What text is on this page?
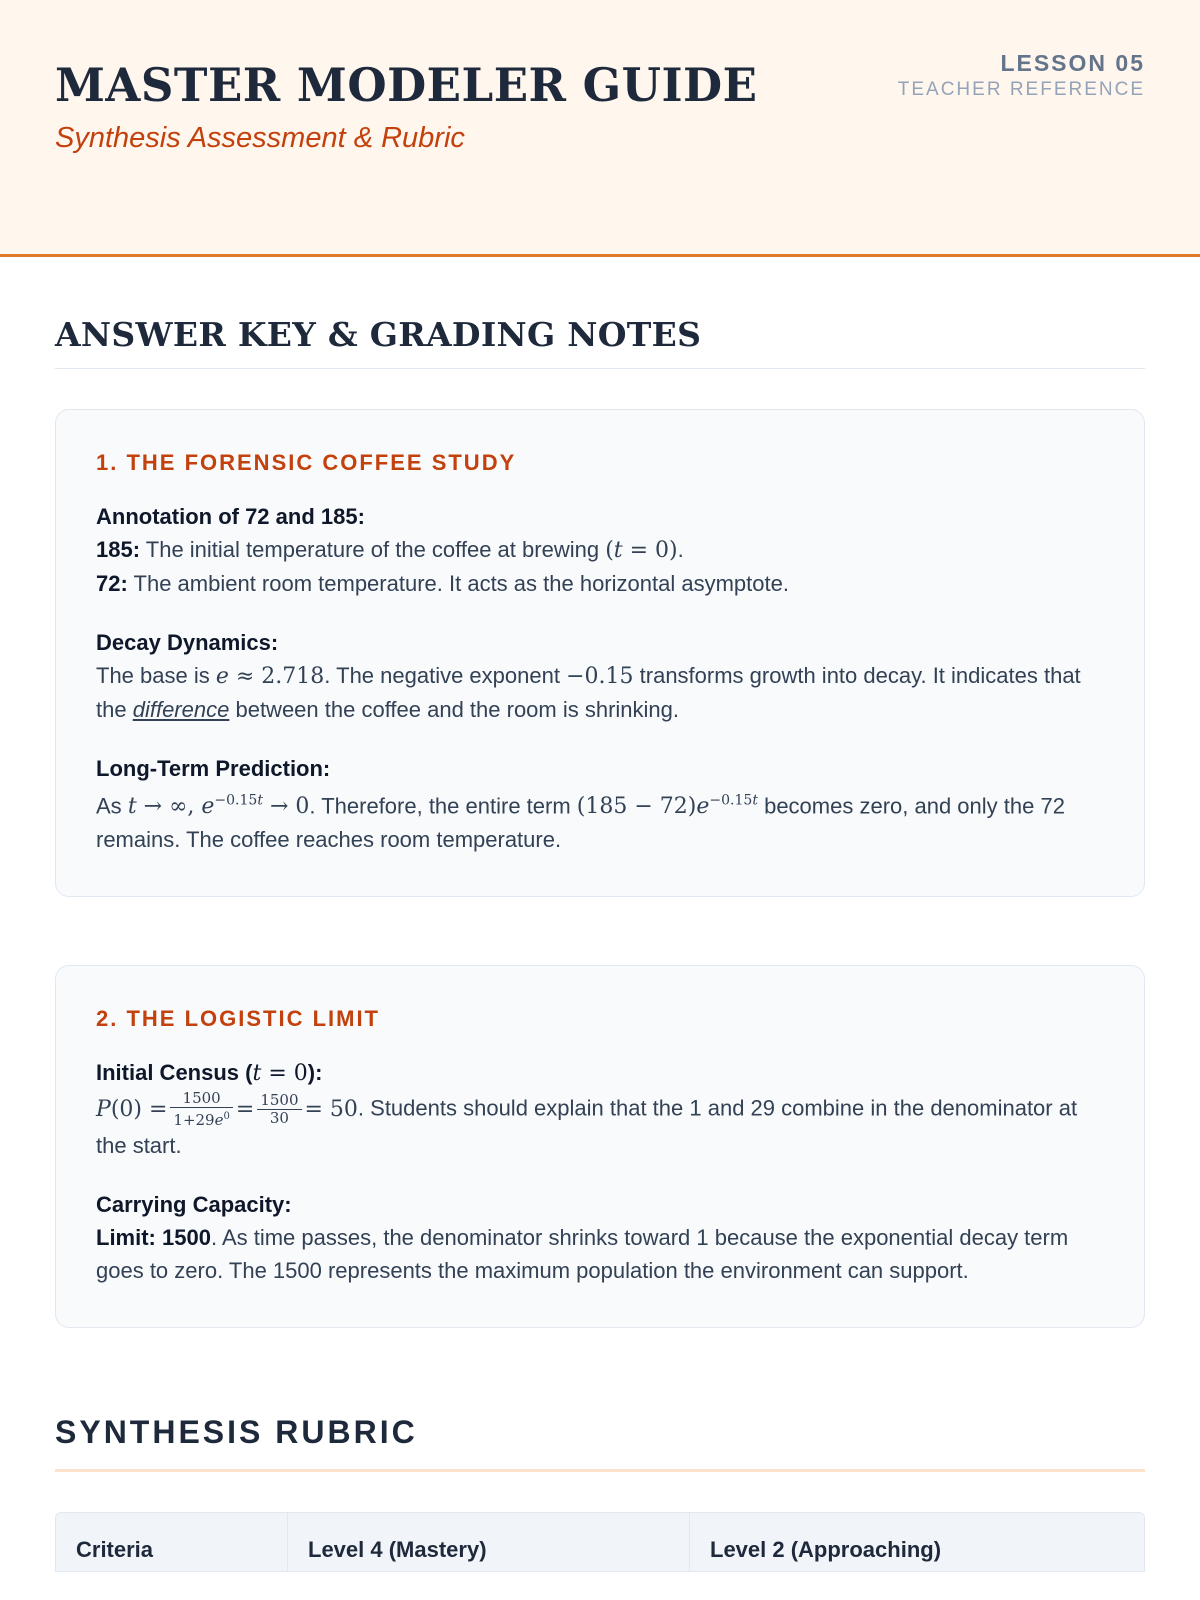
MASTER MODELER GUIDE
Synthesis Assessment & Rubric
LESSON 05
TEACHER REFERENCE
ANSWER KEY & GRADING NOTES
1. THE FORENSIC COFFEE STUDY
Annotation of 72 and 185:
185: The initial temperature of the coffee at brewing (t = 0).
72: The ambient room temperature. It acts as the horizontal asymptote.
Decay Dynamics:
The base is e ≈ 2.718. The negative exponent −0.15 transforms growth into decay. It indicates that the difference between the coffee and the room is shrinking.
Long-Term Prediction:
As t → ∞, $e^{-0.15t} \to 0$. Therefore, the entire term $(185 - 72)e^{-0.15t}$ becomes zero, and only the 72 remains. The coffee reaches room temperature.
2. THE LOGISTIC LIMIT
Initial Census (t = 0):
$P(0) = \frac{1500}{1+29e^0} = \frac{1500}{30} = 50$. Students should explain that the 1 and 29 combine in the denominator at the start.
Carrying Capacity:
Limit: 1500. As time passes, the denominator shrinks toward 1 because the exponential decay term goes to zero. The 1500 represents the maximum population the environment can support.
SYNTHESIS RUBRIC
Criteria	Level 4 (Mastery)	Level 2 (Approaching)
